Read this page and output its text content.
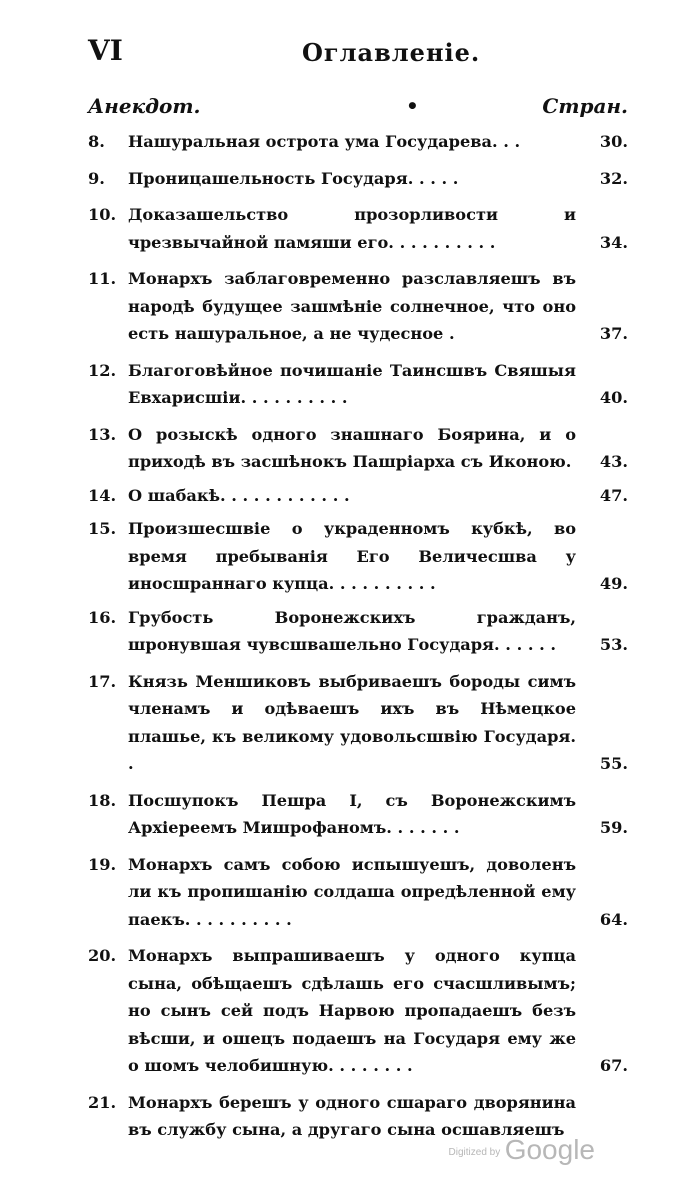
VI	Оглавленіе.
Анекдот.	•	Стран.
8.	Нашуральная острота ума Государева. . .	30.
9.	Проницашельность Государя. . . . .	32.
10. Доказашельство прозорливости и чрезвычайной памяши его. . . . . . . . . .	34.
11. Монархъ заблаговременно разславляешъ въ народѣ будущее зашмѣніе солнечное, что оно есть нашуральное, а не чудесное .	37.
12. Благоговѣйное почишаніе Таинсшвъ Свяшыя Евхарисшіи. . . . . . . . . .	40.
13. О розыскѣ одного знашнаго Боярина, и о приходѣ въ засшѣнокъ Пашріарха съ Иконою.	43.
14. О шабакѣ. . . . . . . . . . . .	47.
15. Произшесшвіе о украденномъ кубкѣ, во время пребыванія Его Величесшва у иносшраннаго купца. . . . . . . . . .	49.
16. Грубость Воронежскихъ гражданъ, шронувшая чувсшвашельно Государя. . . . . .	53.
17. Князь Меншиковъ выбриваешъ бороды симъ членамъ и одѣваешъ ихъ въ Нѣмецкое плашье, къ великому удовольсшвію Государя. .	55.
18. Посшупокъ Пешра I, съ Воронежскимъ Архіереемъ Мишрофаномъ. . . . . . .	59.
19. Монархъ самъ собою испышуешъ, доволенъ ли къ пропишанію солдаша опредѣленной ему паекъ. . . . . . . . . .	64.
20. Монархъ выпрашиваешъ у одного купца сына, обѣщаешъ сдѣлашь его счасшливымъ; но сынъ сей подъ Нарвою пропадаешъ безъ вѣсши, и ошецъ подаешъ на Государя ему же о шомъ челобишную. . . . . . . .	67.
21. Монархъ берешъ у одного сшараго дворянина въ службу сына, а другаго сына осшавляешъ
$^{Digitized by}$ Google
